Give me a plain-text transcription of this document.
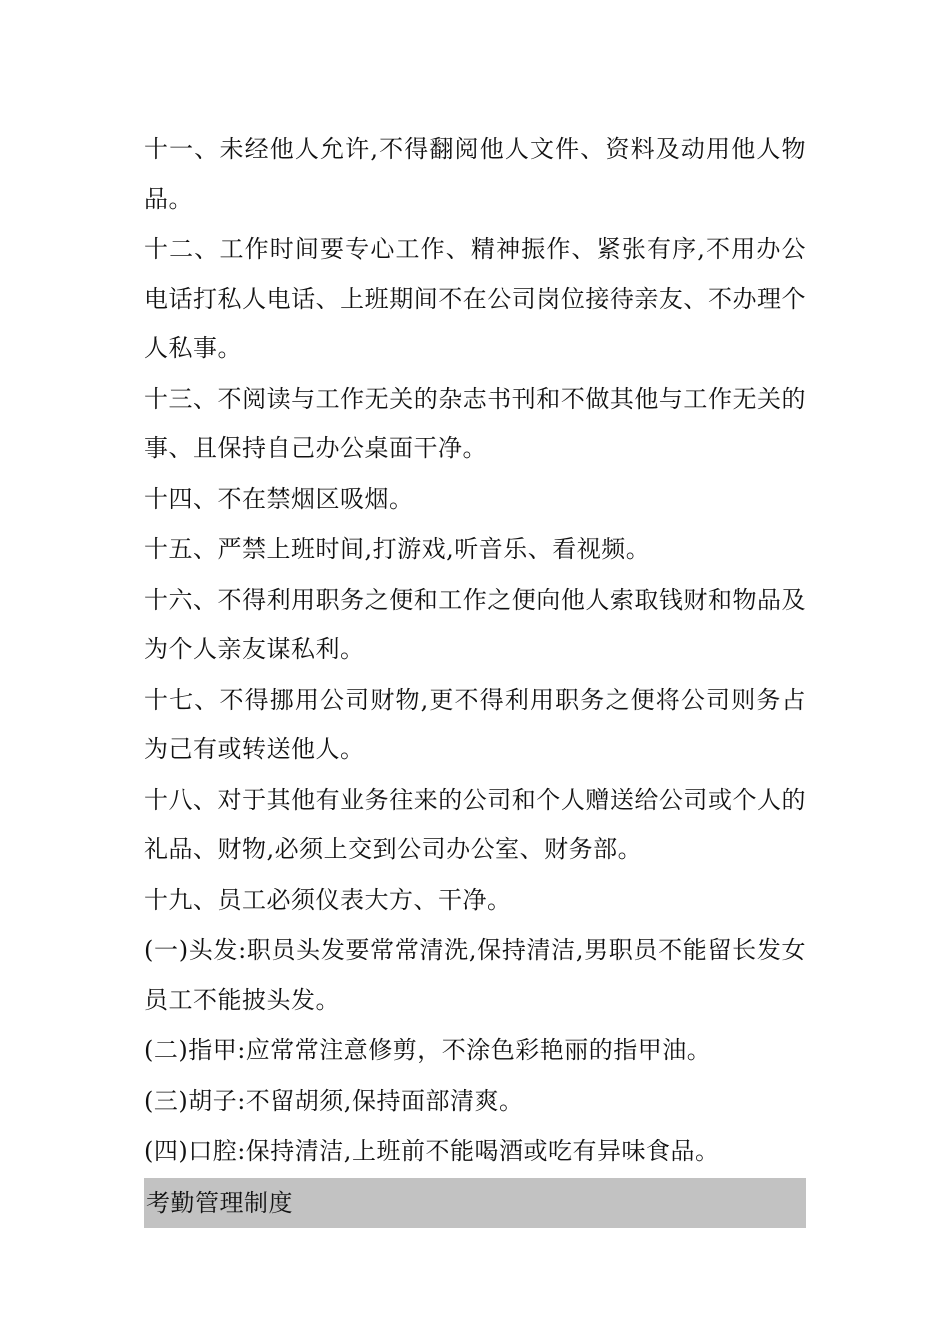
十一、未经他人允许,不得翻阅他人文件、资料及动用他人物品。

十二、工作时间要专心工作、精神振作、紧张有序,不用办公电话打私人电话、上班期间不在公司岗位接待亲友、不办理个人私事。

十三、不阅读与工作无关的杂志书刊和不做其他与工作无关的事、且保持自己办公桌面干净。

十四、不在禁烟区吸烟。

十五、严禁上班时间,打游戏,听音乐、看视频。

十六、不得利用职务之便和工作之便向他人索取钱财和物品及为个人亲友谋私利。

十七、不得挪用公司财物,更不得利用职务之便将公司则务占为己有或转送他人。

十八、对于其他有业务往来的公司和个人赠送给公司或个人的礼品、财物,必须上交到公司办公室、财务部。

十九、员工必须仪表大方、干净。

(一)头发:职员头发要常常清洗,保持清洁,男职员不能留长发女员工不能披头发。

(二)指甲:应常常注意修剪，不涂色彩艳丽的指甲油。

(三)胡子:不留胡须,保持面部清爽。

(四)口腔:保持清洁,上班前不能喝酒或吃有异味食品。

考勤管理制度
